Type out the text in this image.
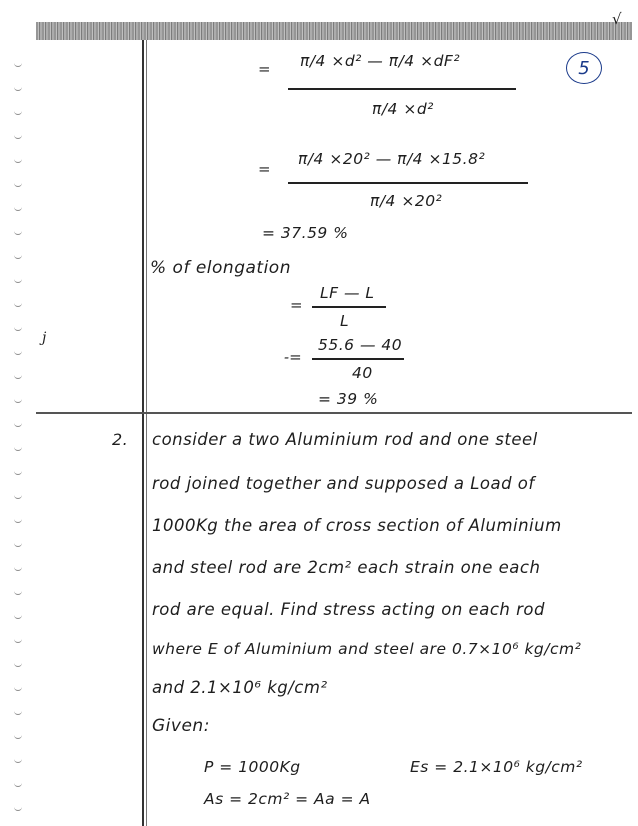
√
5
= π/4 ×d² — π/4 ×dF²
π/4 ×d²
=
π/4 ×20² — π/4 ×15.8²
π/4 ×20²
= 37.59 %
% of elongation
=
LF — L
L
-=
55.6 — 40
40
= 39 %
j
2. consider a two Aluminium rod and one steel
rod joined together and supposed a Load of
1000Kg the area of cross section of Aluminium
and steel rod are 2cm² each strain one each
rod are equal. Find stress acting on each rod
where E of Aluminium and steel are 0.7×10⁶ kg/cm²
and 2.1×10⁶ kg/cm²
Given:
P = 1000Kg	Es = 2.1×10⁶ kg/cm²
As = 2cm² = Aa = A
